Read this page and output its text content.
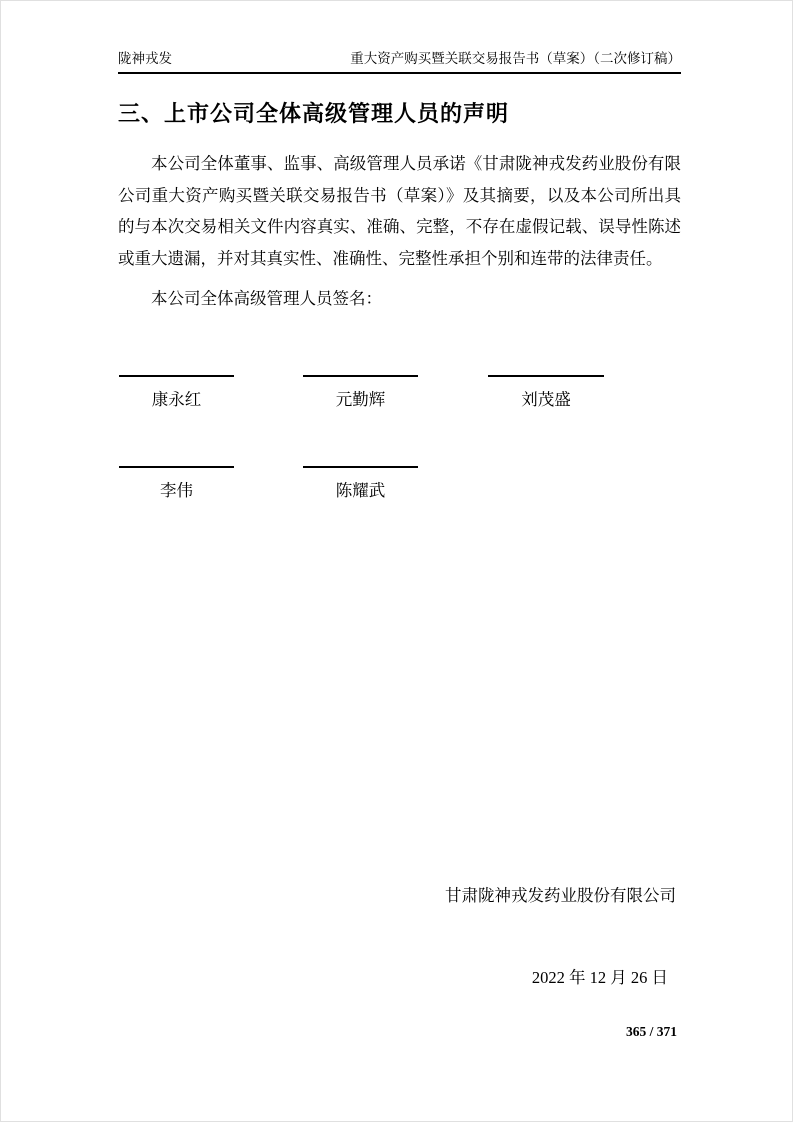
陇神戎发	重大资产购买暨关联交易报告书（草案）（二次修订稿）
三、上市公司全体高级管理人员的声明

本公司全体董事、监事、高级管理人员承诺《甘肃陇神戎发药业股份有限公司重大资产购买暨关联交易报告书（草案）》及其摘要，以及本公司所出具的与本次交易相关文件内容真实、准确、完整，不存在虚假记载、误导性陈述或重大遗漏，并对其真实性、准确性、完整性承担个别和连带的法律责任。

本公司全体高级管理人员签名：

康永红	元勤辉	刘茂盛
李伟	陈耀武

甘肃陇神戎发药业股份有限公司

2022 年 12 月 26 日

365 / 371
